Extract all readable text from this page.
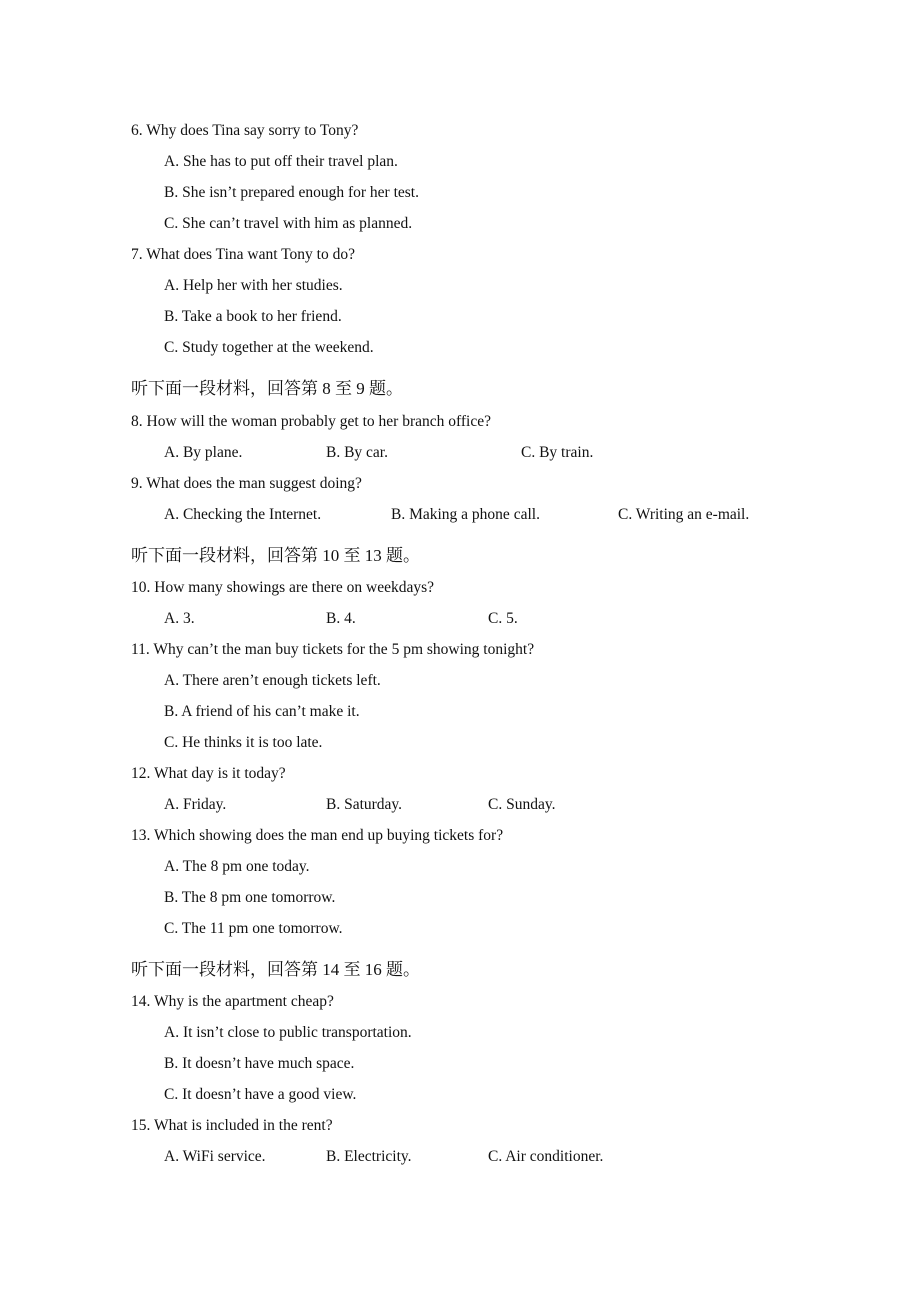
6. Why does Tina say sorry to Tony?
A. She has to put off their travel plan.
B. She isn’t prepared enough for her test.
C. She can’t travel with him as planned.
7. What does Tina want Tony to do?
A. Help her with her studies.
B. Take a book to her friend.
C. Study together at the weekend.
听下面一段材料，回答第 8 至 9 题。
8. How will the woman probably get to her branch office?
A. By plane.	B. By car.	C. By train.
9. What does the man suggest doing?
A. Checking the Internet.	B. Making a phone call.	C. Writing an e-mail.
听下面一段材料，回答第 10 至 13 题。
10. How many showings are there on weekdays?
A. 3.	B. 4.	C. 5.
11. Why can’t the man buy tickets for the 5 pm showing tonight?
A. There aren’t enough tickets left.
B. A friend of his can’t make it.
C. He thinks it is too late.
12. What day is it today?
A. Friday.	B. Saturday.	C. Sunday.
13. Which showing does the man end up buying tickets for?
A. The 8 pm one today.
B. The 8 pm one tomorrow.
C. The 11 pm one tomorrow.
听下面一段材料，回答第 14 至 16 题。
14. Why is the apartment cheap?
A. It isn’t close to public transportation.
B. It doesn’t have much space.
C. It doesn’t have a good view.
15. What is included in the rent?
A. WiFi service.	B. Electricity.	C. Air conditioner.
